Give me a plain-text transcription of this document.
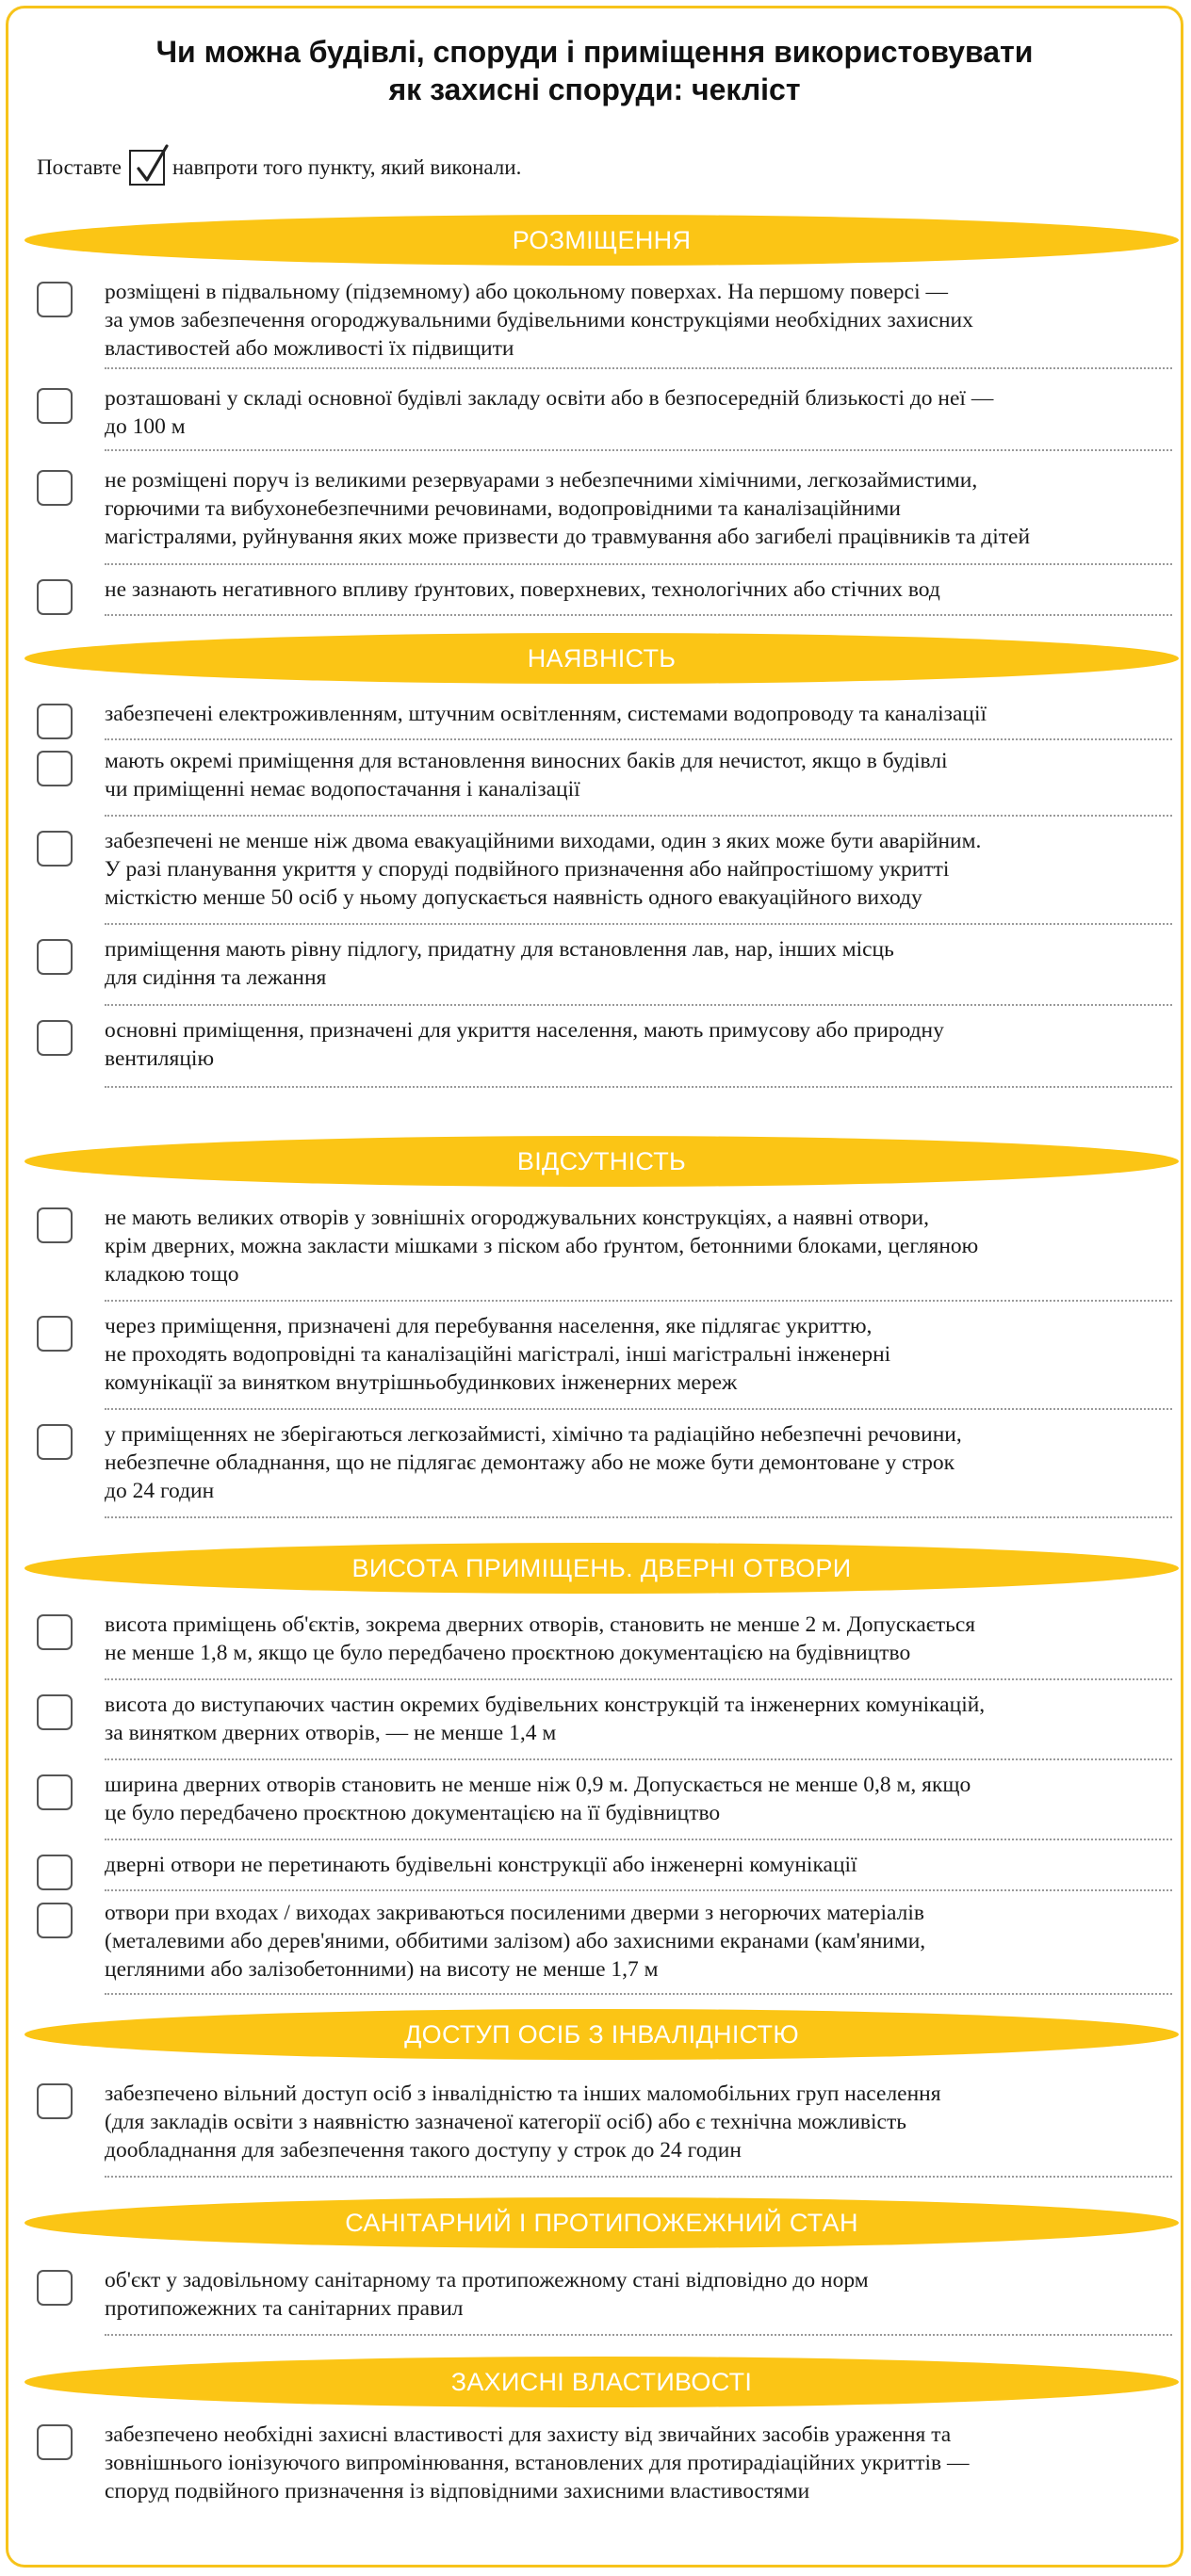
Чи можна будівлі, споруди і приміщення використовувати
як захисні споруди: чекліст
Поставте навпроти того пункту, який виконали.
РОЗМІЩЕННЯ
розміщені в підвальному (підземному) або цокольному поверхах. На першому поверсі —
за умов забезпечення огороджувальними будівельними конструкціями необхідних захисних
властивостей або можливості їх підвищити
розташовані у складі основної будівлі закладу освіти або в безпосередній близькості до неї —
до 100 м
не розміщені поруч із великими резервуарами з небезпечними хімічними, легкозаймистими,
горючими та вибухонебезпечними речовинами, водопровідними та каналізаційними
магістралями, руйнування яких може призвести до травмування або загибелі працівників та дітей
не зазнають негативного впливу ґрунтових, поверхневих, технологічних або стічних вод
НАЯВНІСТЬ
забезпечені електроживленням, штучним освітленням, системами водопроводу та каналізації
мають окремі приміщення для встановлення виносних баків для нечистот, якщо в будівлі
чи приміщенні немає водопостачання і каналізації
забезпечені не менше ніж двома евакуаційними виходами, один з яких може бути аварійним.
У разі планування укриття у споруді подвійного призначення або найпростішому укритті
місткістю менше 50 осіб у ньому допускається наявність одного евакуаційного виходу
приміщення мають рівну підлогу, придатну для встановлення лав, нар, інших місць
для сидіння та лежання
основні приміщення, призначені для укриття населення, мають примусову або природну
вентиляцію
ВІДСУТНІСТЬ
не мають великих отворів у зовнішніх огороджувальних конструкціях, а наявні отвори,
крім дверних, можна закласти мішками з піском або ґрунтом, бетонними блоками, цегляною
кладкою тощо
через приміщення, призначені для перебування населення, яке підлягає укриттю,
не проходять водопровідні та каналізаційні магістралі, інші магістральні інженерні
комунікації за винятком внутрішньобудинкових інженерних мереж
у приміщеннях не зберігаються легкозаймисті, хімічно та радіаційно небезпечні речовини,
небезпечне обладнання, що не підлягає демонтажу або не може бути демонтоване у строк
до 24 годин
ВИСОТА ПРИМІЩЕНЬ. ДВЕРНІ ОТВОРИ
висота приміщень об'єктів, зокрема дверних отворів, становить не менше 2 м. Допускається
не менше 1,8 м, якщо це було передбачено проєктною документацією на будівництво
висота до виступаючих частин окремих будівельних конструкцій та інженерних комунікацій,
за винятком дверних отворів, — не менше 1,4 м
ширина дверних отворів становить не менше ніж 0,9 м. Допускається не менше 0,8 м, якщо
це було передбачено проєктною документацією на її будівництво
дверні отвори не перетинають будівельні конструкції або інженерні комунікації
отвори при входах / виходах закриваються посиленими дверми з негорючих матеріалів
(металевими або дерев'яними, оббитими залізом) або захисними екранами (кам'яними,
цегляними або залізобетонними) на висоту не менше 1,7 м
ДОСТУП ОСІБ З ІНВАЛІДНІСТЮ
забезпечено вільний доступ осіб з інвалідністю та інших маломобільних груп населення
(для закладів освіти з наявністю зазначеної категорії осіб) або є технічна можливість
дообладнання для забезпечення такого доступу у строк до 24 годин
САНІТАРНИЙ І ПРОТИПОЖЕЖНИЙ СТАН
об'єкт у задовільному санітарному та протипожежному стані відповідно до норм
протипожежних та санітарних правил
ЗАХИСНІ ВЛАСТИВОСТІ
забезпечено необхідні захисні властивості для захисту від звичайних засобів ураження та
зовнішнього іонізуючого випромінювання, встановлених для протирадіаційних укриттів —
споруд подвійного призначення із відповідними захисними властивостями
